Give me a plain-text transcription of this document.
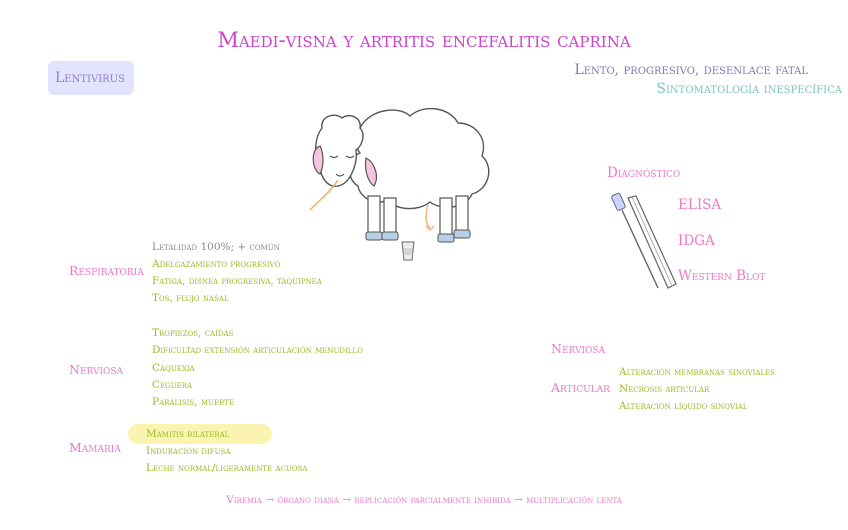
Maedi-visna y artritis encefalitis caprina
Lentivirus	Lento, progresivo, desenlace fatal
Sintomatología inespecífica
Letalidad 100%; + común
Respiratoria Adelgazamiento progresivo
Fatiga, disnea progresiva, taquipnea
Tos, flujo nasal
Nerviosa
Tropiezos, caídas
Dificultad extensión articulación menudillo
Caquexia
Ceguera
Parálisis, muerte
Mamaria
Mamitis bilateral
Induración difusa
Leche normal/ligeramente acuosa
Diagnóstico
ELISA
IDGA
Western Blot
Nerviosa
Articular
Alteración membranas sinoviales
Necrosis articular
Alteración líquido sinovial
Viremia → órgano diana → replicación parcialmente inhibida → multiplicación lenta
